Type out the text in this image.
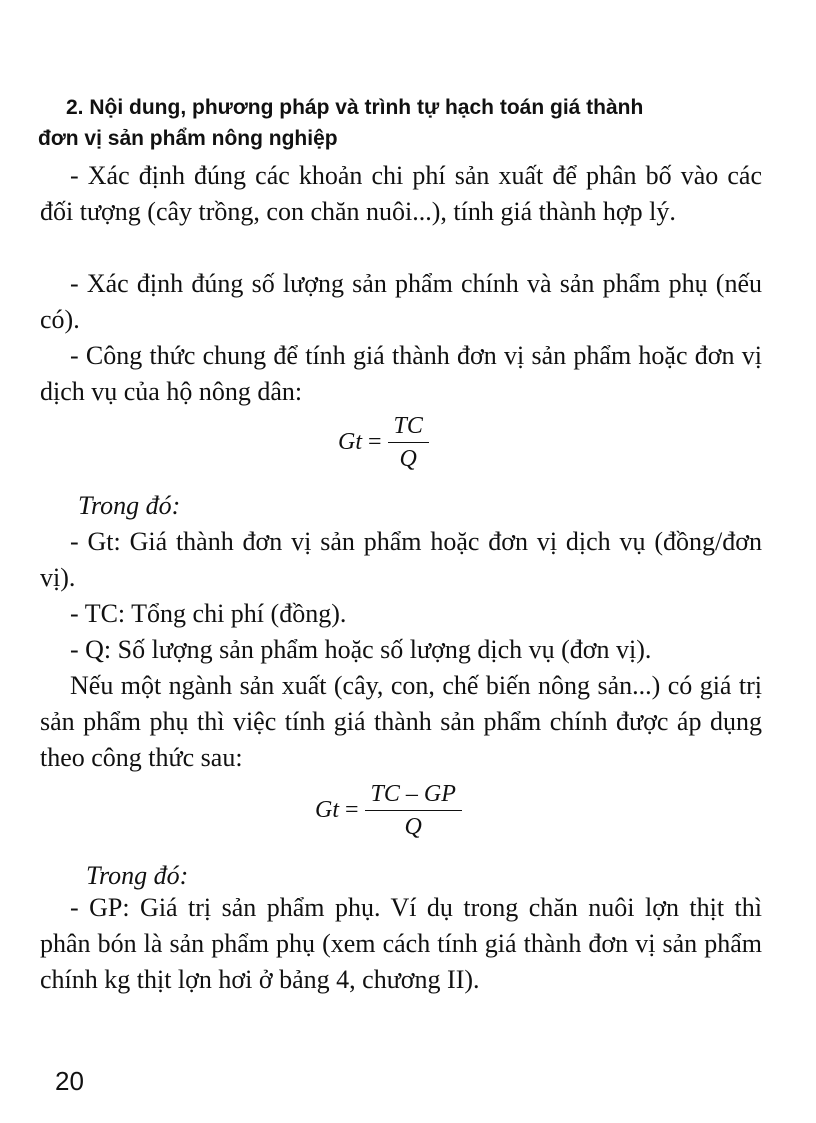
2. Nội dung, phương pháp và trình tự hạch toán giá thành
đơn vị sản phẩm nông nghiệp

- Xác định đúng các khoản chi phí sản xuất để phân bố vào các đối tượng (cây trồng, con chăn nuôi...), tính giá thành hợp lý.

- Xác định đúng số lượng sản phẩm chính và sản phẩm phụ (nếu có).

- Công thức chung để tính giá thành đơn vị sản phẩm hoặc đơn vị dịch vụ của hộ nông dân:

$Gt = \frac{TC}{Q}$
Trong đó:

- Gt: Giá thành đơn vị sản phẩm hoặc đơn vị dịch vụ (đồng/đơn vị).

- TC: Tổng chi phí (đồng).

- Q: Số lượng sản phẩm hoặc số lượng dịch vụ (đơn vị).

Nếu một ngành sản xuất (cây, con, chế biến nông sản...) có giá trị sản phẩm phụ thì việc tính giá thành sản phẩm chính được áp dụng theo công thức sau:

$Gt = \frac{TC - GP}{Q}$
Trong đó:

- GP: Giá trị sản phẩm phụ. Ví dụ trong chăn nuôi lợn thịt thì phân bón là sản phẩm phụ (xem cách tính giá thành đơn vị sản phẩm chính kg thịt lợn hơi ở bảng 4, chương II).

20
